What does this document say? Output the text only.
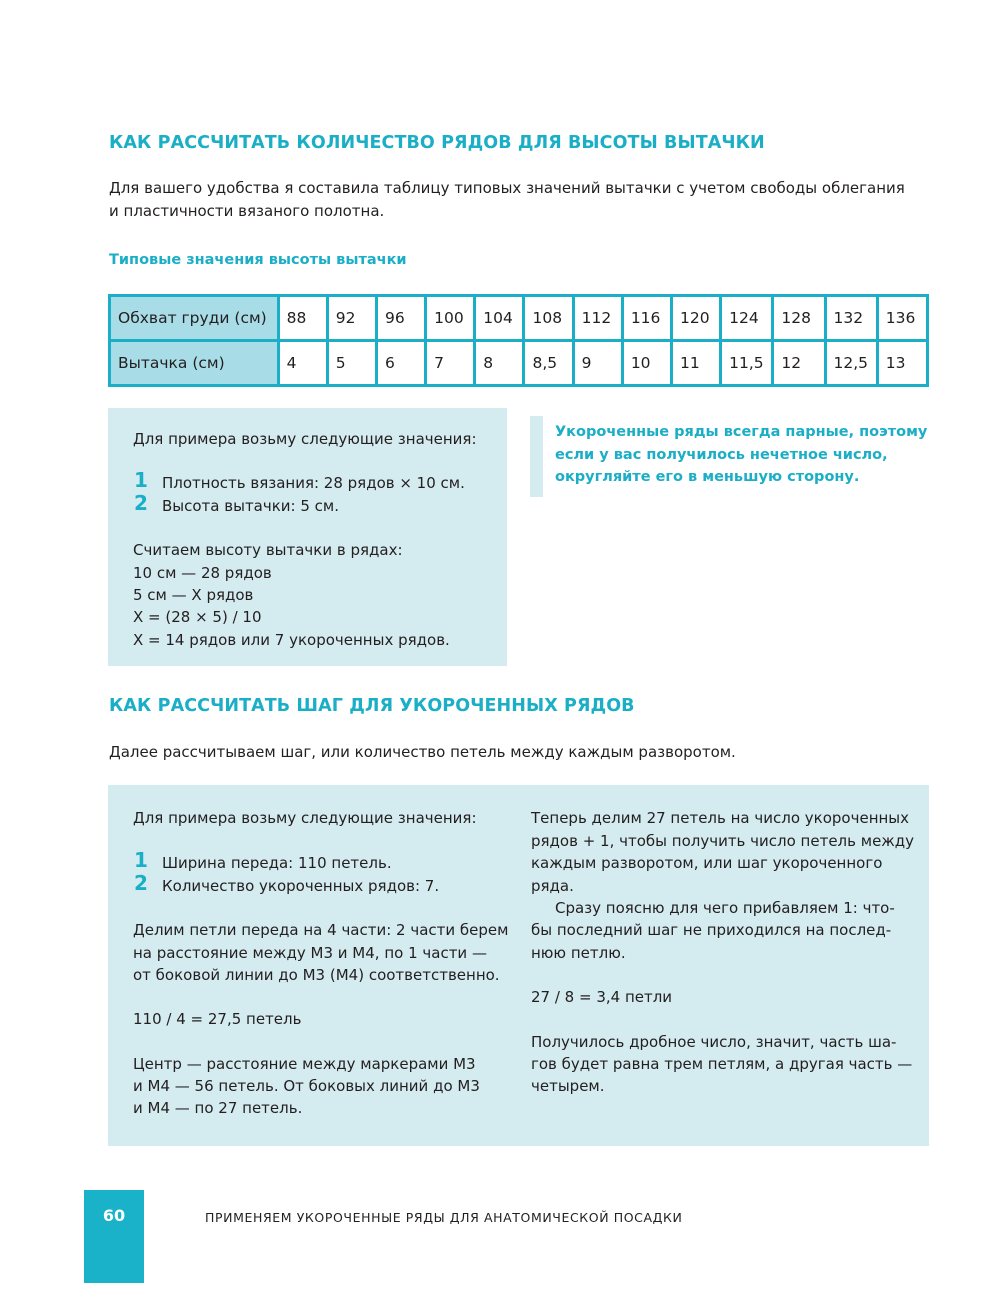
КАК РАССЧИТАТЬ КОЛИЧЕСТВО РЯДОВ ДЛЯ ВЫСОТЫ ВЫТАЧКИ
Для вашего удобства я составила таблицу типовых значений вытачки с учетом свободы облегания
и пластичности вязаного полотна.
Типовые значения высоты вытачки
Обхват груди (см)	88	92	96	100	104	108	112	116	120	124	128	132	136
Вытачка (см)	4	5	6	7	8	8,5	9	10	11	11,5	12	12,5	13
Для примера возьму следующие значения:
1 Плотность вязания: 28 рядов × 10 см.
2 Высота вытачки: 5 см.
Считаем высоту вытачки в рядах:
10 см — 28 рядов
5 см — X рядов
X = (28 × 5) / 10
X = 14 рядов или 7 укороченных рядов.
Укороченные ряды всегда парные, поэтому если у вас получилось нечетное число, округляйте его в меньшую сторону.
КАК РАССЧИТАТЬ ШАГ ДЛЯ УКОРОЧЕННЫХ РЯДОВ
Далее рассчитываем шаг, или количество петель между каждым разворотом.
Для примера возьму следующие значения:
1 Ширина переда: 110 петель.
2 Количество укороченных рядов: 7.
Делим петли переда на 4 части: 2 части берем
на расстояние между М3 и М4, по 1 части —
от боковой линии до М3 (М4) соответственно.
110 / 4 = 27,5 петель
Центр — расстояние между маркерами М3
и М4 — 56 петель. От боковых линий до М3
и М4 — по 27 петель.
Теперь делим 27 петель на число укороченных
рядов + 1, чтобы получить число петель между
каждым разворотом, или шаг укороченного
ряда.
Сразу поясню для чего прибавляем 1: что-
бы последний шаг не приходился на послед-
нюю петлю.
27 / 8 = 3,4 петли
Получилось дробное число, значит, часть ша-
гов будет равна трем петлям, а другая часть —
четырем.
60	ПРИМЕНЯЕМ УКОРОЧЕННЫЕ РЯДЫ ДЛЯ АНАТОМИЧЕСКОЙ ПОСАДКИ
